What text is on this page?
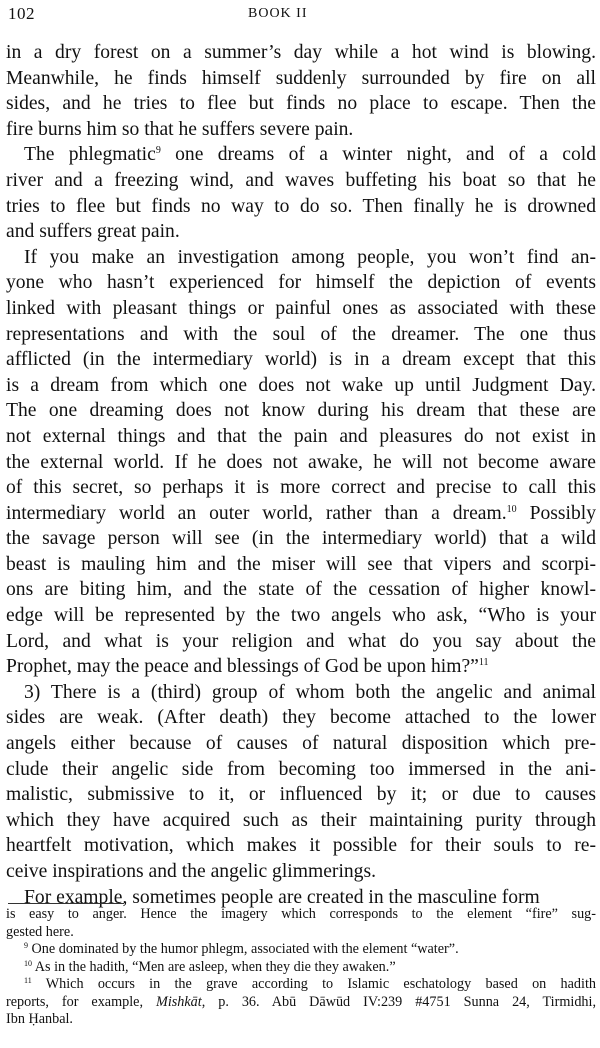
102	BOOK II
in a dry forest on a summer’s day while a hot wind is blowing.
Meanwhile, he finds himself suddenly surrounded by fire on all
sides, and he tries to flee but finds no place to escape. Then the
fire burns him so that he suffers severe pain.
The phlegmatic$^9$ one dreams of a winter night, and of a cold
river and a freezing wind, and waves buffeting his boat so that he
tries to flee but finds no way to do so. Then finally he is drowned
and suffers great pain.
If you make an investigation among people, you won’t find an-
yone who hasn’t experienced for himself the depiction of events
linked with pleasant things or painful ones as associated with these
representations and with the soul of the dreamer. The one thus
afflicted (in the intermediary world) is in a dream except that this
is a dream from which one does not wake up until Judgment Day.
The one dreaming does not know during his dream that these are
not external things and that the pain and pleasures do not exist in
the external world. If he does not awake, he will not become aware
of this secret, so perhaps it is more correct and precise to call this
intermediary world an outer world, rather than a dream.$^{10}$ Possibly
the savage person will see (in the intermediary world) that a wild
beast is mauling him and the miser will see that vipers and scorpi-
ons are biting him, and the state of the cessation of higher knowl-
edge will be represented by the two angels who ask, “Who is your
Lord, and what is your religion and what do you say about the
Prophet, may the peace and blessings of God be upon him?”$^{11}$
3) There is a (third) group of whom both the angelic and animal
sides are weak. (After death) they become attached to the lower
angels either because of causes of natural disposition which pre-
clude their angelic side from becoming too immersed in the ani-
malistic, submissive to it, or influenced by it; or due to causes
which they have acquired such as their maintaining purity through
heartfelt motivation, which makes it possible for their souls to re-
ceive inspirations and the angelic glimmerings.
For example, sometimes people are created in the masculine form
is easy to anger. Hence the imagery which corresponds to the element “fire” sug-
gested here.
$^9$ One dominated by the humor phlegm, associated with the element “water”.
$^{10}$ As in the hadith, “Men are asleep, when they die they awaken.”
$^{11}$ Which occurs in the grave according to Islamic eschatology based on hadith
reports, for example, Mishkāt, p. 36. Abū Dāwūd IV:239 #4751 Sunna 24, Tirmidhi,
Ibn Ḥanbal.
